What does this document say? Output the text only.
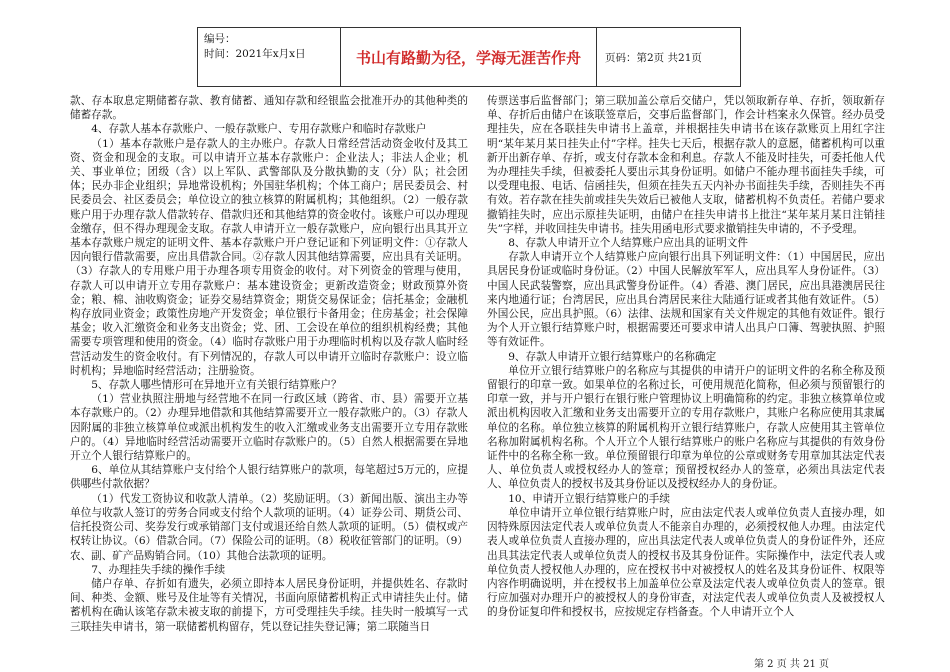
编号：
时间：2021年x月x日	书山有路勤为径，学海无涯苦作舟	页码：第2页 共21页

款、存本取息定期储蓄存款、教育储蓄、通知存款和经银监会批准开办的其他种类的储蓄存款。

4、存款人基本存款账户、一般存款账户、专用存款账户和临时存款账户

（1）基本存款账户是存款人的主办账户。存款人日常经营活动资金收付及其工资、资金和现金的支取。可以申请开立基本存款账户：企业法人；非法人企业；机关、事业单位；团级（含）以上军队、武警部队及分散执勤的支（分）队；社会团体；民办非企业组织；异地常设机构；外国驻华机构；个体工商户；居民委员会、村民委员会、社区委员会；单位设立的独立核算的附属机构；其他组织。（2）一般存款账户用于办理存款人借款转存、借款归还和其他结算的资金收付。该账户可以办理现金缴存，但不得办理现金支取。存款人申请开立一般存款账户，应向银行出具其开立基本存款账户规定的证明文件、基本存款账户开户登记证和下列证明文件：①存款人因向银行借款需要，应出具借款合同。②存款人因其他结算需要，应出具有关证明。（3）存款人的专用账户用于办理各项专用资金的收付。对下列资金的管理与使用，存款人可以申请开立专用存款账户：基本建设资金；更新改造资金；财政预算外资金；粮、棉、油收购资金；证券交易结算资金；期货交易保证金；信托基金；金融机构存放同业资金；政策性房地产开发资金；单位银行卡备用金；住房基金；社会保障基金；收入汇缴资金和业务支出资金；党、团、工会设在单位的组织机构经费；其他需要专项管理和使用的资金。（4）临时存款账户用于办理临时机构以及存款人临时经营活动发生的资金收付。有下列情况的，存款人可以申请开立临时存款账户：设立临时机构；异地临时经营活动；注册验资。

5、存款人哪些情形可在异地开立有关银行结算账户？

（1）营业执照注册地与经营地不在同一行政区域（跨省、市、县）需要开立基本存款账户的。（2）办理异地借款和其他结算需要开立一般存款账户的。（3）存款人因附属的非独立核算单位或派出机构发生的收入汇缴或业务支出需要开立专用存款账户的。（4）异地临时经营活动需要开立临时存款账户的。（5）自然人根据需要在异地开立个人银行结算账户的。

6、单位从其结算账户支付给个人银行结算账户的款项，每笔超过5万元的，应提供哪些付款依据？

（1）代发工资协议和收款人清单。（2）奖励证明。（3）新闻出版、演出主办等单位与收款人签订的劳务合同或支付给个人款项的证明。（4）证券公司、期货公司、信托投资公司、奖券发行或承销部门支付或退还给自然人款项的证明。（5）债权或产权转让协议。（6）借款合同。（7）保险公司的证明。（8）税收征管部门的证明。（9）农、副、矿产品购销合同。（10）其他合法款项的证明。

7、办理挂失手续的操作手续

储户存单、存折如有遗失，必须立即持本人居民身份证明，并提供姓名、存款时间、种类、金额、账号及住址等有关情况，书面向原储蓄机构正式申请挂失止付。储蓄机构在确认该笔存款未被支取的前提下，方可受理挂失手续。挂失时一般填写一式三联挂失申请书，第一联储蓄机构留存，凭以登记挂失登记簿；第二联随当日

传票送事后监督部门；第三联加盖公章后交储户，凭以领取新存单、存折，领取新存单、存折后由储户在该联签章后，交事后监督部门，作会计档案永久保管。经办员受理挂失，应在各联挂失申请书上盖章，并根据挂失申请书在该存款账页上用红字注明“某年某月某日挂失止付”字样。挂失七天后，根据存款人的意愿，储蓄机构可以重新开出新存单、存折，或支付存款本金和利息。存款人不能及时挂失，可委托他人代为办理挂失手续，但被委托人要出示其身份证明。如储户不能办理书面挂失手续，可以受理电报、电话、信函挂失，但须在挂失五天内补办书面挂失手续，否则挂失不再有效。若存款在挂失前或挂失失效后已被他人支取，储蓄机构不负责任。若储户要求撤销挂失时，应出示原挂失证明，由储户在挂失申请书上批注“某年某月某日注销挂失”字样，并收回挂失申请书。挂失用函电形式要求撤销挂失申请的，不予受理。

8、存款人申请开立个人结算账户应出具的证明文件

存款人申请开立个人结算账户应向银行出具下列证明文件：（1）中国居民，应出具居民身份证或临时身份证。（2）中国人民解放军军人，应出具军人身份证件。（3）中国人民武装警察，应出具武警身份证件。（4）香港、澳门居民，应出具港澳居民往来内地通行证；台湾居民，应出具台湾居民来往大陆通行证或者其他有效证件。（5）外国公民，应出具护照。（6）法律、法规和国家有关文件规定的其他有效证件。银行为个人开立银行结算账户时，根据需要还可要求申请人出具户口簿、驾驶执照、护照等有效证件。

9、存款人申请开立银行结算账户的名称确定

单位开立银行结算账户的名称应与其提供的申请开户的证明文件的名称全称及预留银行的印章一致。如果单位的名称过长，可使用规范化简称，但必须与预留银行的印章一致，并与开户银行在银行账户管理协议上明确简称的约定。非独立核算单位或派出机构因收入汇缴和业务支出需要开立的专用存款账户，其账户名称应使用其隶属单位的名称。单位独立核算的附属机构开立银行结算账户，存款人应使用其主管单位名称加附属机构名称。个人开立个人银行结算账户的账户名称应与其提供的有效身份证件中的名称全称一致。单位预留银行印章为单位的公章或财务专用章加其法定代表人、单位负责人或授权经办人的签章；预留授权经办人的签章，必须出具法定代表人、单位负责人的授权书及其身份证以及授权经办人的身份证。

10、申请开立银行结算账户的手续

单位申请开立单位银行结算账户时，应由法定代表人或单位负责人直接办理，如因特殊原因法定代表人或单位负责人不能亲自办理的，必须授权他人办理。由法定代表人或单位负责人直接办理的，应出具法定代表人或单位负责人的身份证件外，还应出具其法定代表人或单位负责人的授权书及其身份证件。实际操作中，法定代表人或单位负责人授权他人办理的，应在授权书中对被授权人的姓名及其身份证件、权限等内容作明确说明，并在授权书上加盖单位公章及法定代表人或单位负责人的签章。银行应加强对办理开户的被授权人的身份审查，对法定代表人或单位负责人及被授权人的身份证复印件和授权书，应按规定存档备查。个人申请开立个人

第 2 页 共 21 页
